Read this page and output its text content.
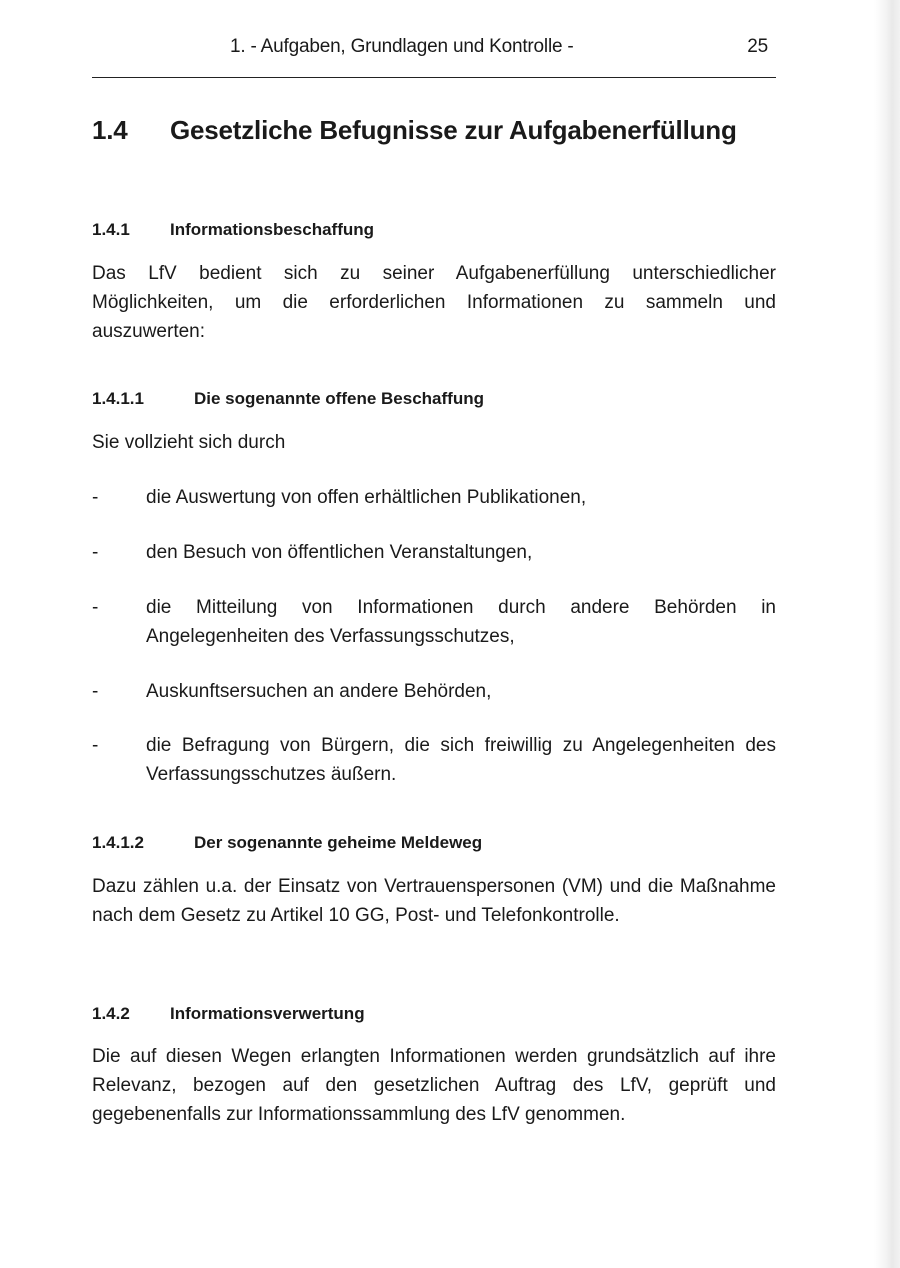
1. - Aufgaben, Grundlagen und Kontrolle -	25
1.4 Gesetzliche Befugnisse zur Aufgabenerfüllung
1.4.1 Informationsbeschaffung

Das LfV bedient sich zu seiner Aufgabenerfüllung unterschiedlicher Möglichkeiten, um die erforderlichen Informationen zu sammeln und auszuwerten:

1.4.1.1	Die sogenannte offene Beschaffung

Sie vollzieht sich durch

-	die Auswertung von offen erhältlichen Publikationen,
-	den Besuch von öffentlichen Veranstaltungen,
-	die Mitteilung von Informationen durch andere Behörden in Angelegenheiten des Verfassungsschutzes,
-	Auskunftsersuchen an andere Behörden,
-	die Befragung von Bürgern, die sich freiwillig zu Angelegenheiten des Verfassungsschutzes äußern.
1.4.1.2	Der sogenannte geheime Meldeweg

Dazu zählen u.a. der Einsatz von Vertrauenspersonen (VM) und die Maßnahme nach dem Gesetz zu Artikel 10 GG, Post- und Telefonkontrolle.

1.4.2 Informationsverwertung

Die auf diesen Wegen erlangten Informationen werden grundsätzlich auf ihre Relevanz, bezogen auf den gesetzlichen Auftrag des LfV, geprüft und gegebenenfalls zur Informationssammlung des LfV genommen.
